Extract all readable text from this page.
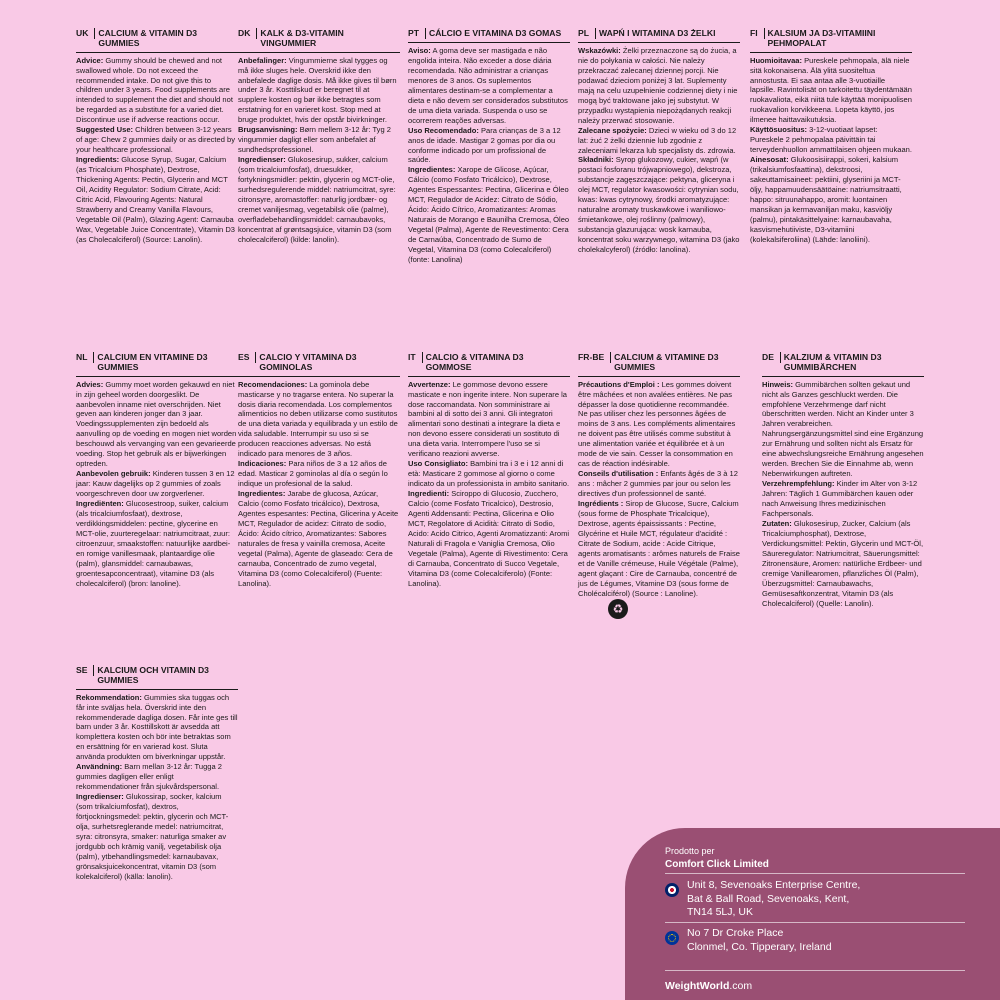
UK CALCIUM & VITAMIN D3 GUMMIES

Advice: Gummy should be chewed and not swallowed whole. Do not exceed the recommended intake. Do not give this to children under 3 years. Food supplements are intended to supplement the diet and should not be regarded as a substitute for a varied diet. Discontinue use if adverse reactions occur.

Suggested Use: Children between 3-12 years of age: Chew 2 gummies daily or as directed by your healthcare professional.

Ingredients: Glucose Syrup, Sugar, Calcium (as Tricalcium Phosphate), Dextrose, Thickening Agents: Pectin, Glycerin and MCT Oil, Acidity Regulator: Sodium Citrate, Acid: Citric Acid, Flavouring Agents: Natural Strawberry and Creamy Vanilla Flavours, Vegetable Oil (Palm), Glazing Agent: Carnauba Wax, Vegetable Juice Concentrate), Vitamin D3 (as Cholecalciferol) (Source: Lanolin).

DK KALK & D3-VITAMIN VINGUMMIER

Anbefalinger: Vingummierne skal tygges og må ikke sluges hele. Overskrid ikke den anbefalede daglige dosis. Må ikke gives til børn under 3 år. Kosttilskud er beregnet til at supplere kosten og bør ikke betragtes som erstatning for en varieret kost. Stop med at bruge produktet, hvis der opstår bivirkninger.

Brugsanvisning: Børn mellem 3-12 år: Tyg 2 vingummier dagligt eller som anbefalet af sundhedsprofessionel.

Ingredienser: Glukosesirup, sukker, calcium (som tricalciumfosfat), druesukker, fortykningsmidler: pektin, glycerin og MCT-olie, surhedsregulerende middel: natriumcitrat, syre: citronsyre, aromastoffer: naturlig jordbær- og cremet vaniljesmag, vegetabilsk olie (palme), overfladebehandlingsmiddel: carnaubavoks, koncentrat af grøntsagsjuice, vitamin D3 (som cholecalciferol) (kilde: lanolin).

PT CÁLCIO E VITAMINA D3 GOMAS

Aviso: A goma deve ser mastigada e não engolida inteira. Não exceder a dose diária recomendada. Não administrar a crianças menores de 3 anos. Os suplementos alimentares destinam-se a complementar a dieta e não devem ser considerados substitutos de uma dieta variada. Suspenda o uso se ocorrerem reações adversas.

Uso Recomendado: Para crianças de 3 a 12 anos de idade. Mastigar 2 gomas por dia ou conforme indicado por um profissional de saúde.

Ingredientes: Xarope de Glicose, Açúcar, Cálcio (como Fosfato Tricálcico), Dextrose, Agentes Espessantes: Pectina, Glicerina e Óleo MCT, Regulador de Acidez: Citrato de Sódio, Ácido: Ácido Cítrico, Aromatizantes: Aromas Naturais de Morango e Baunilha Cremosa, Óleo Vegetal (Palma), Agente de Revestimento: Cera de Carnaúba, Concentrado de Sumo de Vegetal, Vitamina D3 (como Colecalciferol) (fonte: Lanolina)

PL WAPŃ I WITAMINA D3 ŻELKI

Wskazówki: Żelki przeznaczone są do żucia, a nie do połykania w całości. Nie należy przekraczać zalecanej dziennej porcji. Nie podawać dzieciom poniżej 3 lat. Suplementy mają na celu uzupełnienie codziennej diety i nie mogą być traktowane jako jej substytut. W przypadku wystąpienia niepożądanych reakcji należy przerwać stosowanie.

Zalecane spożycie: Dzieci w wieku od 3 do 12 lat: żuć 2 żelki dziennie lub zgodnie z zaleceniami lekarza lub specjalisty ds. zdrowia.

Składniki: Syrop glukozowy, cukier, wapń (w postaci fosforanu trójwapniowego), dekstroza, substancje zagęszczające: pektyna, gliceryna i olej MCT, regulator kwasowości: cytrynian sodu, kwas: kwas cytrynowy, środki aromatyzujące: naturalne aromaty truskawkowe i waniliowo-śmietankowe, olej roślinny (palmowy), substancja glazurująca: wosk karnauba, koncentrat soku warzywnego, witamina D3 (jako cholekalcyferol) (źródło: lanolina).

FI KALSIUM JA D3-VITAMIINI PEHMOPALAT

Huomioitavaa: Pureskele pehmopala, älä niele sitä kokonaisena. Älä ylitä suositeltua annostusta. Ei saa antaa alle 3-vuotiaille lapsille. Ravintolisät on tarkoitettu täydentämään ruokavaliota, eikä niitä tule käyttää monipuolisen ruokavalion korvikkeena. Lopeta käyttö, jos ilmenee haittavaikutuksia.

Käyttösuositus: 3-12-vuotiaat lapset: Pureskele 2 pehmopalaa päivittäin tai terveydenhuollon ammattilaisen ohjeen mukaan.

Ainesosat: Glukoosisiirappi, sokeri, kalsium (trikalsiumfosfaattina), dekstroosi, sakeuttamisaineet: pektiini, glyseriini ja MCT-öljy, happamuudensäätöaine: natriumsitraatti, happo: sitruunahappo, aromit: luontainen mansikan ja kermavaniljan maku, kasviöljy (palmu), pintakäsittelyaine: karnaubavaha, kasvismehutiiviste, D3-vitamiini (kolekalsiferoliina) (Lähde: lanoliini).

NL CALCIUM EN VITAMINE D3 GUMMIES

Advies: Gummy moet worden gekauwd en niet in zijn geheel worden doorgeslikt. De aanbevolen inname niet overschrijden. Niet geven aan kinderen jonger dan 3 jaar. Voedingssupplementen zijn bedoeld als aanvulling op de voeding en mogen niet worden beschouwd als vervanging van een gevarieerde voeding. Stop het gebruik als er bijwerkingen optreden.

Aanbevolen gebruik: Kinderen tussen 3 en 12 jaar: Kauw dagelijks op 2 gummies of zoals voorgeschreven door uw zorgverlener.

Ingrediënten: Glucosestroop, suiker, calcium (als tricalciumfosfaat), dextrose, verdikkingsmiddelen: pectine, glycerine en MCT-olie, zuurteregelaar: natriumcitraat, zuur: citroenzuur, smaakstoffen: natuurlijke aardbei- en romige vanillesmaak, plantaardige olie (palm), glansmiddel: carnaubawas, groentesapconcentraat), vitamine D3 (als cholecalciferol) (bron: lanoline).

ES CALCIO Y VITAMINA D3 GOMINOLAS

Recomendaciones: La gominola debe masticarse y no tragarse entera. No superar la dosis diaria recomendada. Los complementos alimenticios no deben utilizarse como sustitutos de una dieta variada y equilibrada y un estilo de vida saludable. Interrumpir su uso si se producen reacciones adversas. No está indicado para menores de 3 años.

Indicaciones: Para niños de 3 a 12 años de edad. Masticar 2 gominolas al día o según lo indique un profesional de la salud.

Ingredientes: Jarabe de glucosa, Azúcar, Calcio (como Fosfato tricálcico), Dextrosa, Agentes espesantes: Pectina, Glicerina y Aceite MCT, Regulador de acidez: Citrato de sodio, Ácido: Ácido cítrico, Aromatizantes: Sabores naturales de fresa y vainilla cremosa, Aceite vegetal (Palma), Agente de glaseado: Cera de carnauba, Concentrado de zumo vegetal, Vitamina D3 (como Colecalciferol) (Fuente: Lanolina).

IT CALCIO & VITAMINA D3 GOMMOSE

Avvertenze: Le gommose devono essere masticate e non ingerite intere. Non superare la dose raccomandata. Non somministrare ai bambini al di sotto dei 3 anni. Gli integratori alimentari sono destinati a integrare la dieta e non devono essere considerati un sostituto di una dieta varia. Interrompere l'uso se si verificano reazioni avverse.

Uso Consigliato: Bambini tra i 3 e i 12 anni di età: Masticare 2 gommose al giorno o come indicato da un professionista in ambito sanitario.

Ingredienti: Sciroppo di Glucosio, Zucchero, Calcio (come Fosfato Tricalcico), Destrosio, Agenti Addensanti: Pectina, Glicerina e Olio MCT, Regolatore di Acidità: Citrato di Sodio, Acido: Acido Citrico, Agenti Aromatizzanti: Aromi Naturali di Fragola e Vaniglia Cremosa, Olio Vegetale (Palma), Agente di Rivestimento: Cera di Carnauba, Concentrato di Succo Vegetale, Vitamina D3 (come Colecalciferolo) (Fonte: Lanolina).

FR-BE CALCIUM & VITAMINE D3 GUMMIES

Précautions d'Emploi : Les gommes doivent être mâchées et non avalées entières. Ne pas dépasser la dose quotidienne recommandée. Ne pas utiliser chez les personnes âgées de moins de 3 ans. Les compléments alimentaires ne doivent pas être utilisés comme substitut à une alimentation variée et équilibrée et à un mode de vie sain. Cesser la consommation en cas de réaction indésirable.

Conseils d'utilisation : Enfants âgés de 3 à 12 ans : mâcher 2 gummies par jour ou selon les directives d'un professionnel de santé.

Ingrédients : Sirop de Glucose, Sucre, Calcium (sous forme de Phosphate Tricalcique), Dextrose, agents épaississants : Pectine, Glycérine et Huile MCT, régulateur d'acidité : Citrate de Sodium, acide : Acide Citrique, agents aromatisants : arômes naturels de Fraise et de Vanille crémeuse, Huile Végétale (Palme), agent glaçant : Cire de Carnauba, concentré de jus de Légumes, Vitamine D3 (sous forme de Cholécalciférol) (Source : Lanoline).♻

DE KALZIUM & VITAMIN D3 GUMMIBÄRCHEN

Hinweis: Gummibärchen sollten gekaut und nicht als Ganzes geschluckt werden. Die empfohlene Verzehrmenge darf nicht überschritten werden. Nicht an Kinder unter 3 Jahren verabreichen. Nahrungsergänzungsmittel sind eine Ergänzung zur Ernährung und sollten nicht als Ersatz für eine abwechslungsreiche Ernährung angesehen werden. Brechen Sie die Einnahme ab, wenn Nebenwirkungen auftreten.

Verzehrempfehlung: Kinder im Alter von 3-12 Jahren: Täglich 1 Gummibärchen kauen oder nach Anweisung Ihres medizinischen Fachpersonals.

Zutaten: Glukosesirup, Zucker, Calcium (als Tricalciumphosphat), Dextrose, Verdickungsmittel: Pektin, Glycerin und MCT-Öl, Säureregulator: Natriumcitrat, Säuerungsmittel: Zitronensäure, Aromen: natürliche Erdbeer- und cremige Vanillearomen, pflanzliches Öl (Palm), Überzugsmittel: Carnaubawachs, Gemüsesaftkonzentrat, Vitamin D3 (als Cholecalciferol) (Quelle: Lanolin).

SE KALCIUM OCH VITAMIN D3 GUMMIES

Rekommendation: Gummies ska tuggas och får inte sväljas hela. Överskrid inte den rekommenderade dagliga dosen. Får inte ges till barn under 3 år. Kosttillskott är avsedda att komplettera kosten och bör inte betraktas som en ersättning för en varierad kost. Sluta använda produkten om biverkningar uppstår.

Användning: Barn mellan 3-12 år: Tugga 2 gummies dagligen eller enligt rekommendationer från sjukvårdspersonal.

Ingredienser: Glukossirap, socker, kalcium (som trikalciumfosfat), dextros, förtjockningsmedel: pektin, glycerin och MCT-olja, surhetsreglerande medel: natriumcitrat, syra: citronsyra, smaker: naturliga smaker av jordgubb och krämig vanilj, vegetabilisk olja (palm), ytbehandlingsmedel: karnaubavax, grönsaksjuicekoncentrat, vitamin D3 (som kolekalciferol) (källa: lanolin).

Prodotto per
Comfort Click Limited
Unit 8, Sevenoaks Enterprise Centre,
Bat & Ball Road, Sevenoaks, Kent,
TN14 5LJ, UK
No 7 Dr Croke Place
Clonmel, Co. Tipperary, Ireland
WeightWorld.com
